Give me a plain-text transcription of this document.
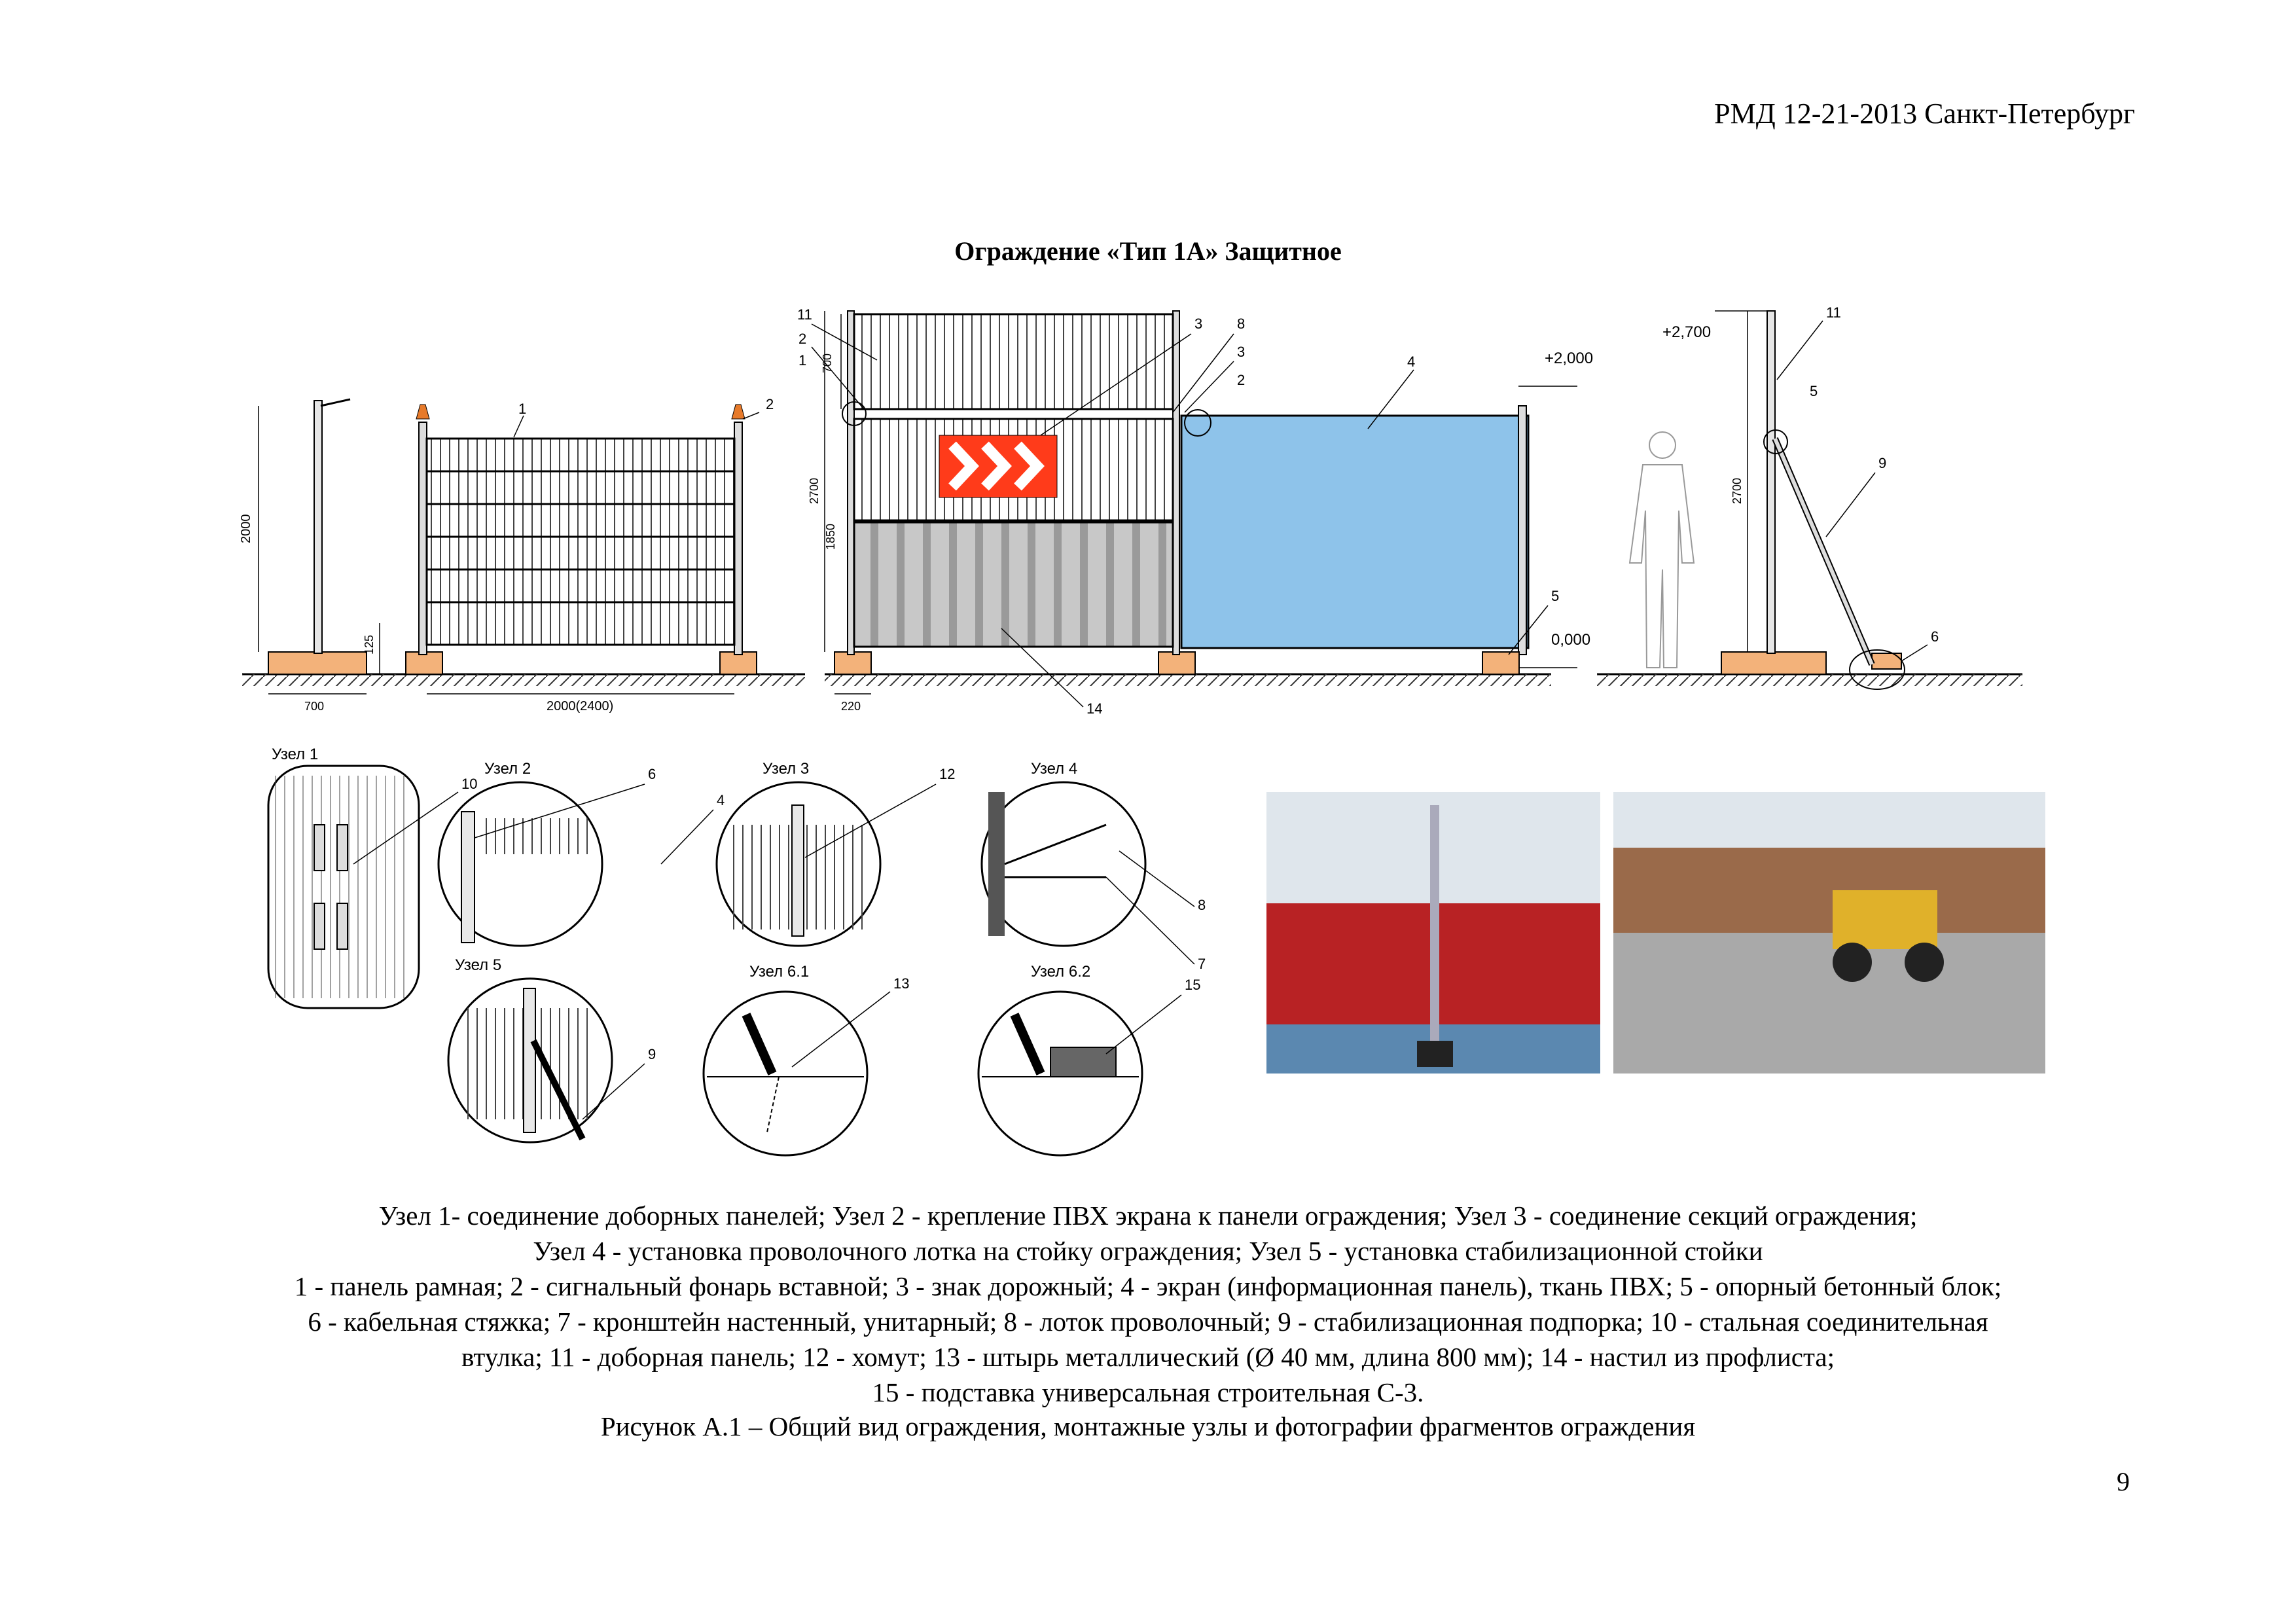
РМД 12-21-2013 Санкт-Петербург
Ограждение «Тип 1А» Защитное
2000
125
700	2000(2400)
1	2
700
2700
1850
220
11
2
1
3 8
3
2
14
4	+2,000
0,000
5
2700
+2,700
11
5
9
6
Узел 1
10
Узел 2	6
4
Узел 3	12	Узел 4
8
7
Узел 5
9
Узел 6.1
13
Узел 6.2
15
Узел 1- соединение доборных панелей; Узел 2 - крепление ПВХ экрана к панели ограждения; Узел 3 - соединение секций ограждения;
Узел 4 - установка проволочного лотка на стойку ограждения; Узел 5 - установка стабилизационной стойки
1 - панель рамная; 2 - сигнальный фонарь вставной; 3 - знак дорожный; 4 - экран (информационная панель), ткань ПВХ; 5 - опорный бетонный блок;
6 - кабельная стяжка; 7 - кронштейн настенный, унитарный; 8 - лоток проволочный; 9 - стабилизационная подпорка; 10 - стальная соединительная
втулка; 11 - доборная панель; 12 - хомут; 13 - штырь металлический (Ø 40 мм, длина 800 мм); 14 - настил из профлиста;
15 - подставка универсальная строительная С-3.
Рисунок А.1 – Общий вид ограждения, монтажные узлы и фотографии фрагментов ограждения
9
